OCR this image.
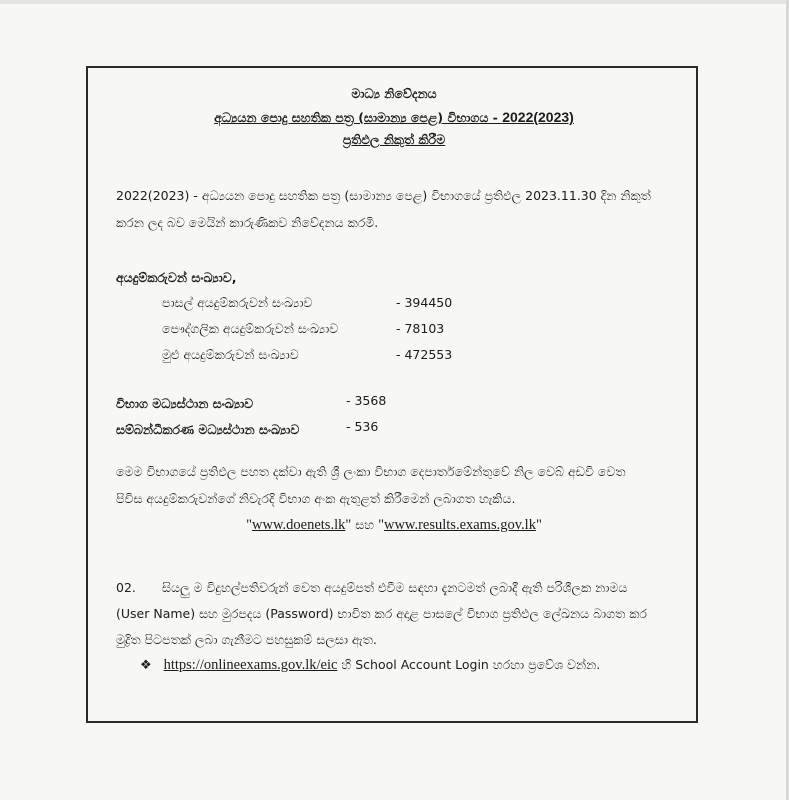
මාධ්‍ය නිවේදනය
අධ්‍යයන පොදු සහතික පත්‍ර (සාමාන්‍ය පෙළ) විභාගය - 2022(2023)
ප්‍රතිඵල නිකුත් කිරීම
2022(2023) - අධ්‍යයන පොදු සහතික පත්‍ර (සාමාන්‍ය පෙළ) විභාගයේ ප්‍රතිඵල 2023.11.30 දින නිකුත්
කරන ලද බව මෙයින් කාරුණිකව නිවේදනය කරමි.
අයදුම්කරුවන් සංඛ්‍යාව,
පාසල් අයදුම්කරුවන් සංඛ්‍යාව	- 394450
පෞද්ගලික අයදුම්කරුවන් සංඛ්‍යාව	- 78103
මුළු අයදුම්කරුවන් සංඛ්‍යාව	- 472553
විභාග මධ්‍යස්ථාන සංඛ්‍යාව	- 3568
සම්බන්ධීකරණ මධ්‍යස්ථාන සංඛ්‍යාව	- 536
මෙම විභාගයේ ප්‍රතිඵල පහත දක්වා ඇති ශ්‍රී ලංකා විභාග දෙපාර්තමේන්තුවේ නිල වෙබ් අඩවි වෙත
පිවිස අයදුම්කරුවන්ගේ නිවැරදි විභාග අංක ඇතුළත් කිරීමෙන් ලබාගත හැකිය.
"www.doenets.lk" සහ "www.results.exams.gov.lk"
02. සියලු ම විදුහල්පතිවරුන් වෙත අයදුම්පත් එවීම සඳහා දැනටමත් ලබාදී ඇති පරිශීලක නාමය
(User Name) සහ මුරපදය (Password) භාවිත කර අදාළ පාසලේ විභාග ප්‍රතිඵල ලේඛනය බාගත කර
මුද්‍රිත පිටපතක් ලබා ගැනීමට පහසුකම් සලසා ඇත.
❖ https://onlineexams.gov.lk/eic හි School Account Login හරහා ප්‍රවේශ වන්න.
